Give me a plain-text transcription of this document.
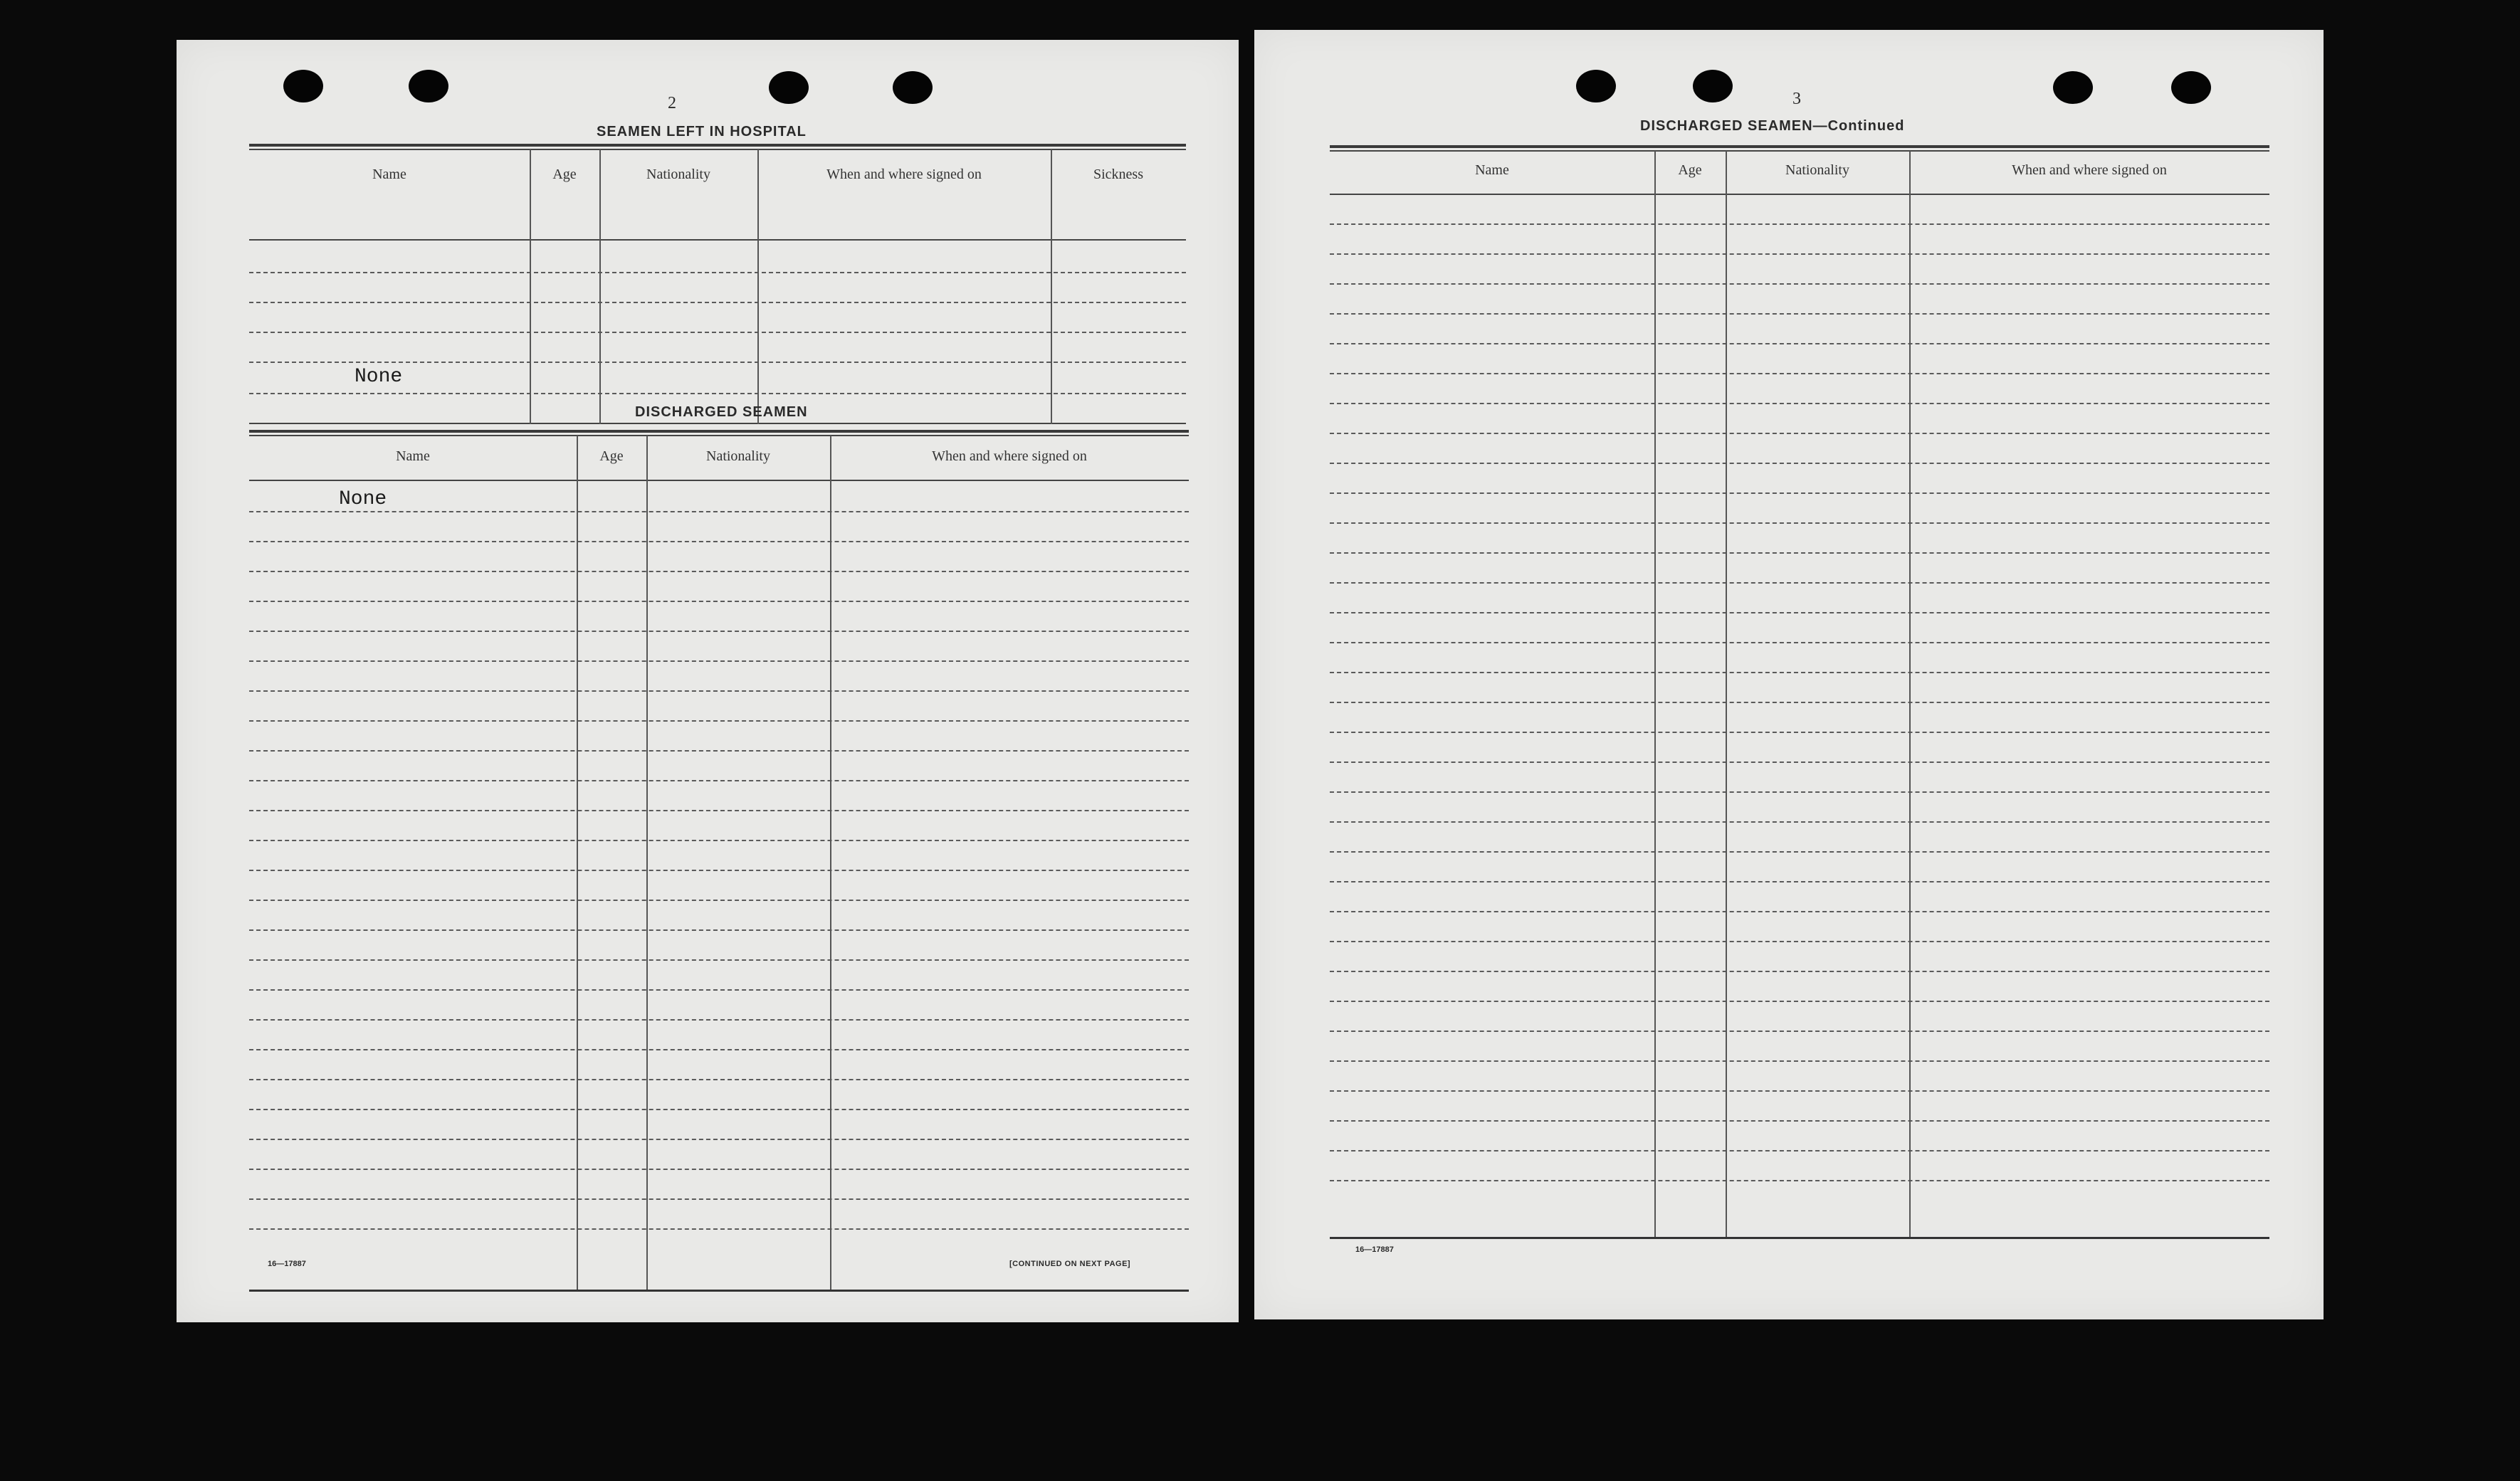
2
SEAMEN LEFT IN HOSPITAL
Name	Age	Nationality	When and where signed on	Sickness
None
DISCHARGED SEAMEN
Name	Age	Nationality	When and where signed on
None
16—17887	[CONTINUED ON NEXT PAGE]
3
DISCHARGED SEAMEN—Continued
Name	Age	Nationality	When and where signed on
16—17887
